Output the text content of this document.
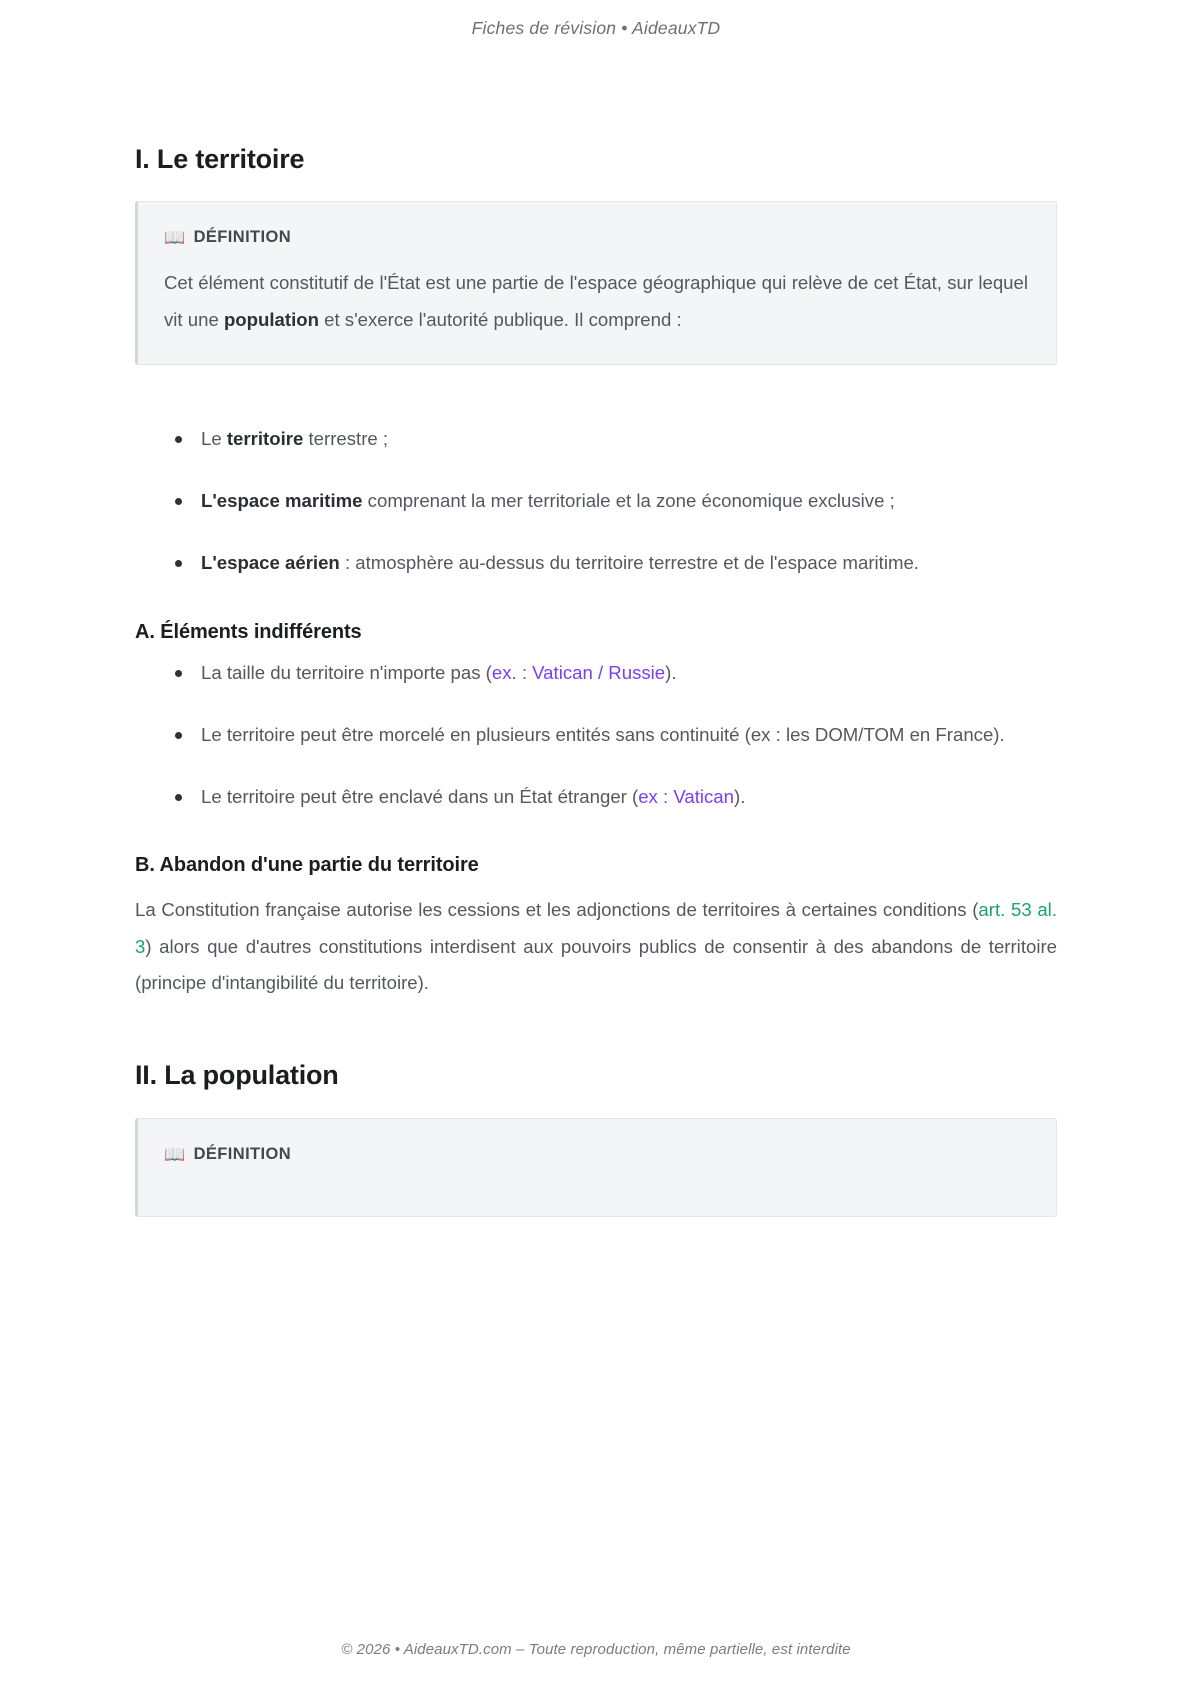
Fiches de révision • AideauxTD
I. Le territoire
📖 DÉFINITION
Cet élément constitutif de l'État est une partie de l'espace géographique qui relève de cet État, sur lequel vit une population et s'exerce l'autorité publique. Il comprend :
Le territoire terrestre ;
L'espace maritime comprenant la mer territoriale et la zone économique exclusive ;
L'espace aérien : atmosphère au-dessus du territoire terrestre et de l'espace maritime.
A. Éléments indifférents
La taille du territoire n'importe pas (ex. : Vatican / Russie).
Le territoire peut être morcelé en plusieurs entités sans continuité (ex : les DOM/TOM en France).
Le territoire peut être enclavé dans un État étranger (ex : Vatican).
B. Abandon d'une partie du territoire

La Constitution française autorise les cessions et les adjonctions de territoires à certaines conditions (art. 53 al. 3) alors que d'autres constitutions interdisent aux pouvoirs publics de consentir à des abandons de territoire (principe d'intangibilité du territoire).

II. La population
📖 DÉFINITION
© 2026 • AideauxTD.com – Toute reproduction, même partielle, est interdite
